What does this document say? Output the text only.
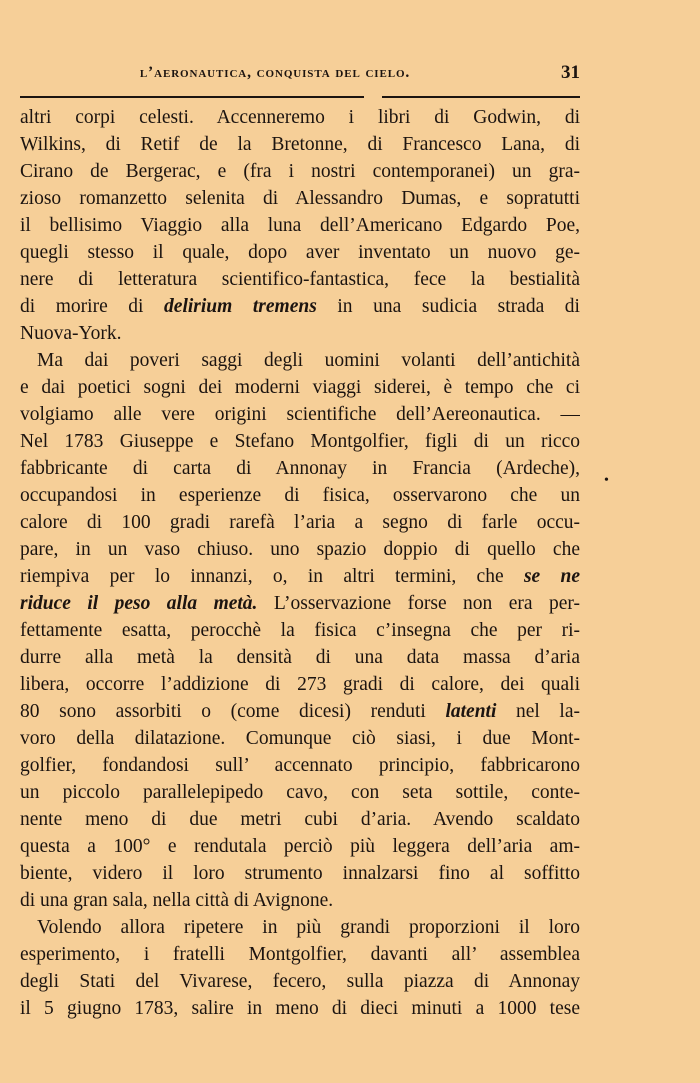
l’aeronautica, conquista del cielo.	31
altri corpi celesti. Accenneremo i libri di Godwin, di
Wilkins, di Retif de la Bretonne, di Francesco Lana, di
Cirano de Bergerac, e (fra i nostri contemporanei) un gra-
zioso romanzetto selenita di Alessandro Dumas, e sopratutti
il bellisimo Viaggio alla luna dell’Americano Edgardo Poe,
quegli stesso il quale, dopo aver inventato un nuovo ge-
nere di letteratura scientifico-fantastica, fece la bestialità
di morire di delirium tremens in una sudicia strada di
Nuova-York.
Ma dai poveri saggi degli uomini volanti dell’antichità
e dai poetici sogni dei moderni viaggi siderei, è tempo che ci
volgiamo alle vere origini scientifiche dell’Aereonautica. —
Nel 1783 Giuseppe e Stefano Montgolfier, figli di un ricco
fabbricante di carta di Annonay in Francia (Ardeche),
occupandosi in esperienze di fisica, osservarono che un
calore di 100 gradi rarefà l’aria a segno di farle occu-
pare, in un vaso chiuso. uno spazio doppio di quello che
riempiva per lo innanzi, o, in altri termini, che se ne
riduce il peso alla metà. L’osservazione forse non era per-
fettamente esatta, perocchè la fisica c’insegna che per ri-
durre alla metà la densità di una data massa d’aria
libera, occorre l’addizione di 273 gradi di calore, dei quali
80 sono assorbiti o (come dicesi) renduti latenti nel la-
voro della dilatazione. Comunque ciò siasi, i due Mont-
golfier, fondandosi sull’ accennato principio, fabbricarono
un piccolo parallelepipedo cavo, con seta sottile, conte-
nente meno di due metri cubi d’aria. Avendo scaldato
questa a 100° e rendutala perciò più leggera dell’aria am-
biente, videro il loro strumento innalzarsi fino al soffitto
di una gran sala, nella città di Avignone.
Volendo allora ripetere in più grandi proporzioni il loro
esperimento, i fratelli Montgolfier, davanti all’ assemblea
degli Stati del Vivarese, fecero, sulla piazza di Annonay
il 5 giugno 1783, salire in meno di dieci minuti a 1000 tese
•
